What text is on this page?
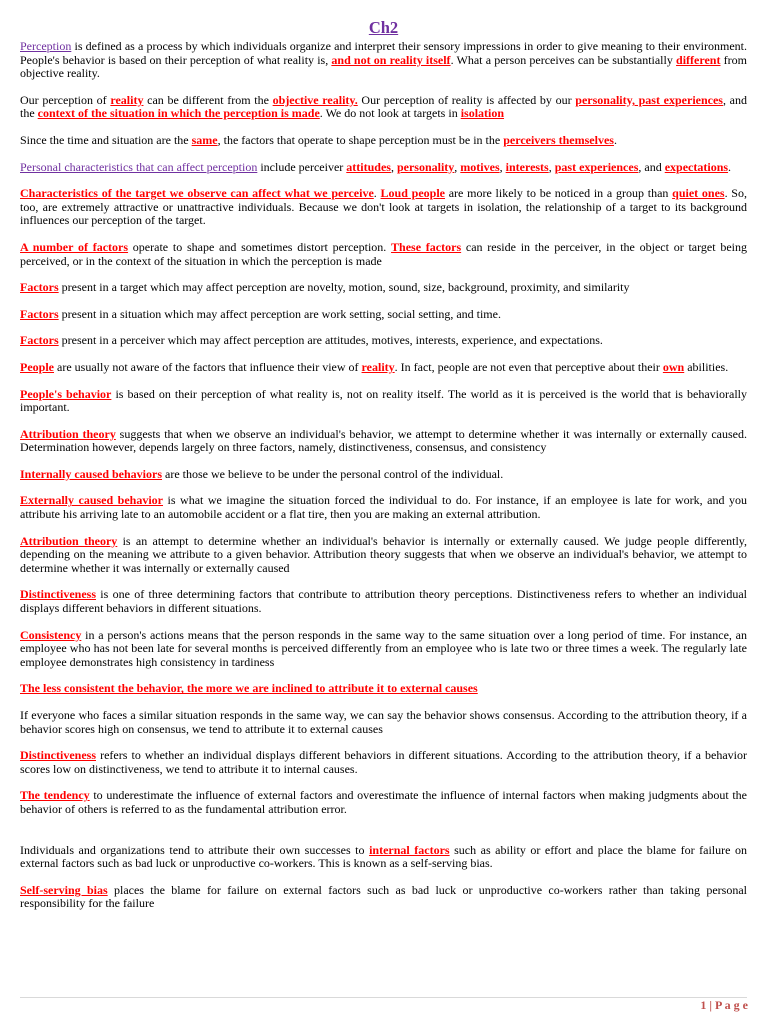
Ch2

Perception is defined as a process by which individuals organize and interpret their sensory impressions in order to give meaning to their environment. People's behavior is based on their perception of what reality is, and not on reality itself. What a person perceives can be substantially different from objective reality.

Our perception of reality can be different from the objective reality. Our perception of reality is affected by our personality, past experiences, and the context of the situation in which the perception is made. We do not look at targets in isolation

Since the time and situation are the same, the factors that operate to shape perception must be in the perceivers themselves.

Personal characteristics that can affect perception include perceiver attitudes, personality, motives, interests, past experiences, and expectations.

Characteristics of the target we observe can affect what we perceive. Loud people are more likely to be noticed in a group than quiet ones. So, too, are extremely attractive or unattractive individuals. Because we don't look at targets in isolation, the relationship of a target to its background influences our perception of the target.

A number of factors operate to shape and sometimes distort perception. These factors can reside in the perceiver, in the object or target being perceived, or in the context of the situation in which the perception is made

Factors present in a target which may affect perception are novelty, motion, sound, size, background, proximity, and similarity

Factors present in a situation which may affect perception are work setting, social setting, and time.

Factors present in a perceiver which may affect perception are attitudes, motives, interests, experience, and expectations.

People are usually not aware of the factors that influence their view of reality. In fact, people are not even that perceptive about their own abilities.

People's behavior is based on their perception of what reality is, not on reality itself. The world as it is perceived is the world that is behaviorally important.

Attribution theory suggests that when we observe an individual's behavior, we attempt to determine whether it was internally or externally caused. Determination however, depends largely on three factors, namely, distinctiveness, consensus, and consistency

Internally caused behaviors are those we believe to be under the personal control of the individual.

Externally caused behavior is what we imagine the situation forced the individual to do. For instance, if an employee is late for work, and you attribute his arriving late to an automobile accident or a flat tire, then you are making an external attribution.

Attribution theory is an attempt to determine whether an individual's behavior is internally or externally caused. We judge people differently, depending on the meaning we attribute to a given behavior. Attribution theory suggests that when we observe an individual's behavior, we attempt to determine whether it was internally or externally caused

Distinctiveness is one of three determining factors that contribute to attribution theory perceptions. Distinctiveness refers to whether an individual displays different behaviors in different situations.

Consistency in a person's actions means that the person responds in the same way to the same situation over a long period of time. For instance, an employee who has not been late for several months is perceived differently from an employee who is late two or three times a week. The regularly late employee demonstrates high consistency in tardiness

The less consistent the behavior, the more we are inclined to attribute it to external causes

If everyone who faces a similar situation responds in the same way, we can say the behavior shows consensus. According to the attribution theory, if a behavior scores high on consensus, we tend to attribute it to external causes

Distinctiveness refers to whether an individual displays different behaviors in different situations. According to the attribution theory, if a behavior scores low on distinctiveness, we tend to attribute it to internal causes.

The tendency to underestimate the influence of external factors and overestimate the influence of internal factors when making judgments about the behavior of others is referred to as the fundamental attribution error.

Individuals and organizations tend to attribute their own successes to internal factors such as ability or effort and place the blame for failure on external factors such as bad luck or unproductive co-workers. This is known as a self-serving bias.

Self-serving bias places the blame for failure on external factors such as bad luck or unproductive co-workers rather than taking personal responsibility for the failure

1 | P a g e
